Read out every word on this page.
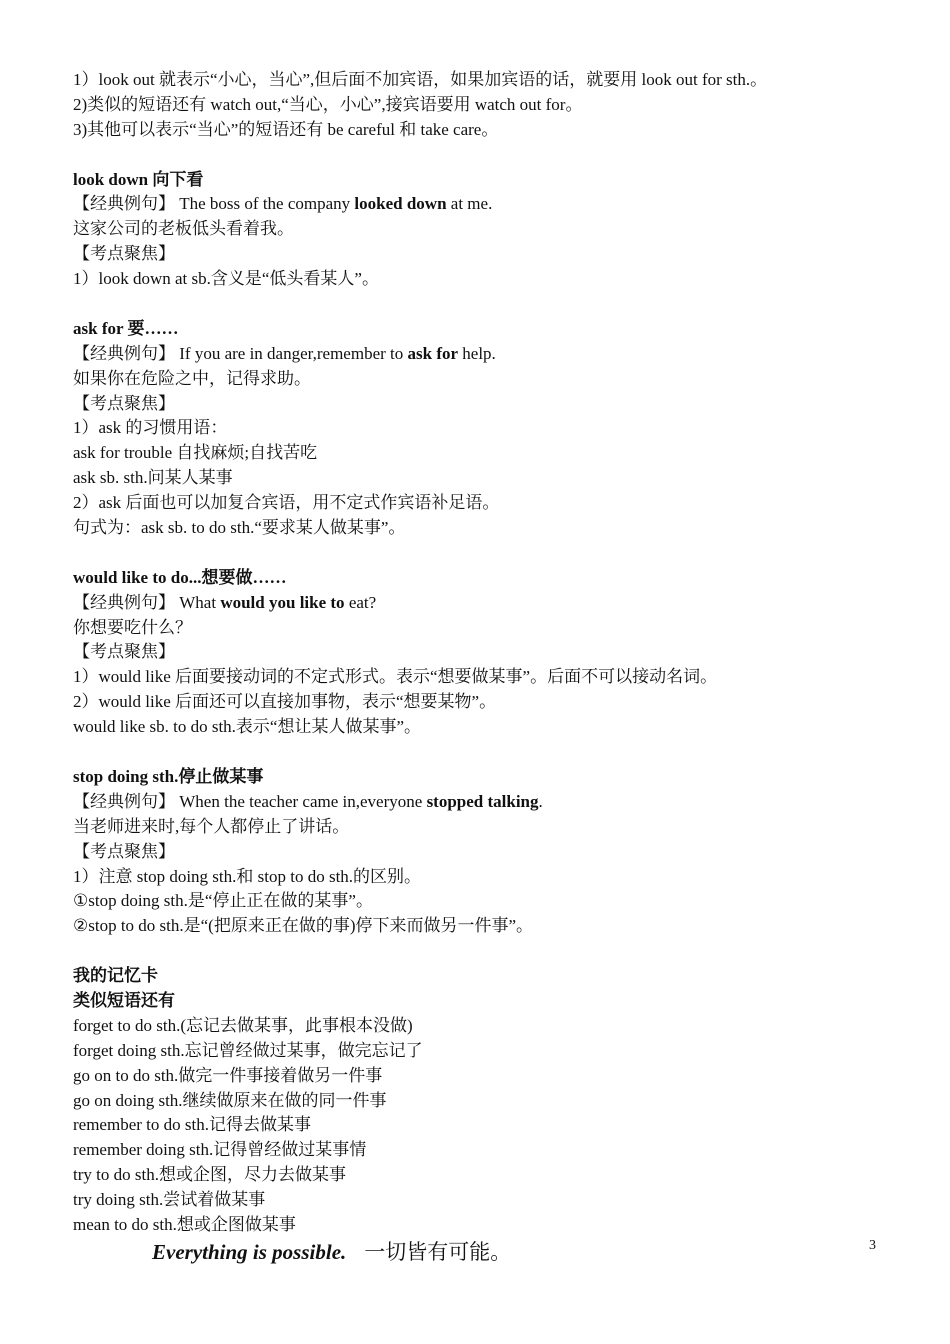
1）look out 就表示“小心，当心”,但后面不加宾语，如果加宾语的话，就要用 look out for sth.。
2)类似的短语还有 watch out,“当心，小心”,接宾语要用 watch out for。
3)其他可以表示“当心”的短语还有 be careful 和 take care。
look down 向下看
【经典例句】 The boss of the company looked down at me.
这家公司的老板低头看着我。
【考点聚焦】
1）look down at sb.含义是“低头看某人”。
ask for 要……
【经典例句】 If you are in danger,remember to ask for help.
如果你在危险之中，记得求助。
【考点聚焦】
1）ask 的习惯用语：
ask for trouble 自找麻烦;自找苦吃
ask sb. sth.问某人某事
2）ask 后面也可以加复合宾语，用不定式作宾语补足语。
句式为：ask sb. to do sth.“要求某人做某事”。
would like to do...想要做……
【经典例句】 What would you like to eat?
你想要吃什么？
【考点聚焦】
1）would like 后面要接动词的不定式形式。表示“想要做某事”。后面不可以接动名词。
2）would like 后面还可以直接加事物，表示“想要某物”。
would like sb. to do sth.表示“想让某人做某事”。
stop doing sth.停止做某事
【经典例句】 When the teacher came in,everyone stopped talking.
当老师进来时,每个人都停止了讲话。
【考点聚焦】
1）注意 stop doing sth.和 stop to do sth.的区别。
①stop doing sth.是“停止正在做的某事”。
②stop to do sth.是“(把原来正在做的事)停下来而做另一件事”。
我的记忆卡
类似短语还有
forget to do sth.(忘记去做某事，此事根本没做)
forget doing sth.忘记曾经做过某事，做完忘记了
go on to do sth.做完一件事接着做另一件事
go on doing sth.继续做原来在做的同一件事
remember to do sth.记得去做某事
remember doing sth.记得曾经做过某事情
try to do sth.想或企图，尽力去做某事
try doing sth.尝试着做某事
mean to do sth.想或企图做某事
Everything is possible. 一切皆有可能。	3
